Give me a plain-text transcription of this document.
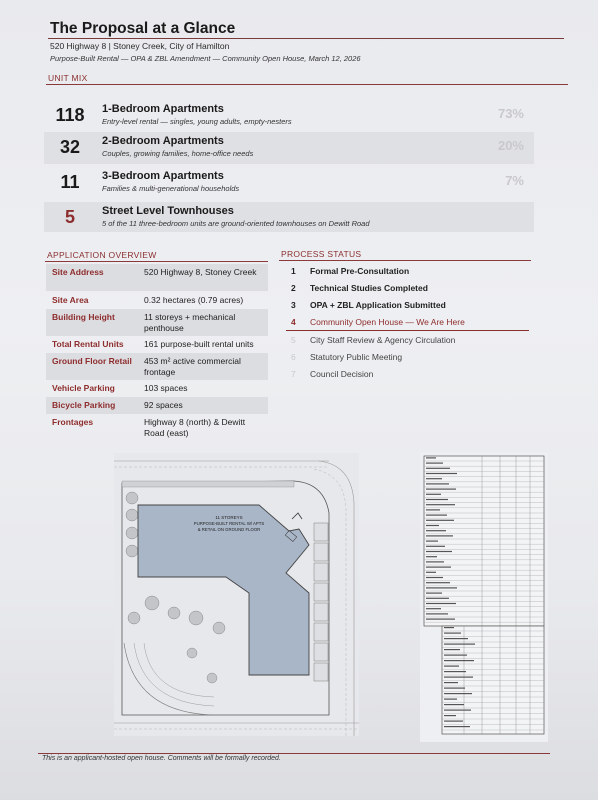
The Proposal at a Glance
520 Highway 8 | Stoney Creek, City of Hamilton
Purpose-Built Rental — OPA & ZBL Amendment — Community Open House, March 12, 2026
UNIT MIX
118	1-Bedroom Apartments
Entry-level rental — singles, young adults, empty-nesters
73%
32	2-Bedroom Apartments
Couples, growing families, home-office needs
20%
11	3-Bedroom Apartments
Families & multi-generational households
7%
5	Street Level Townhouses
5 of the 11 three-bedroom units are ground-oriented townhouses on Dewitt Road
APPLICATION OVERVIEW
Site Address	520 Highway 8, Stoney Creek
Site Area	0.32 hectares (0.79 acres)
Building Height	11 storeys + mechanical penthouse
Total Rental Units	161 purpose-built rental units
Ground Floor Retail 453 m² active commercial frontage
Vehicle Parking	103 spaces
Bicycle Parking	92 spaces
Frontages	Highway 8 (north) & Dewitt Road (east)
PROCESS STATUS
1 Formal Pre-Consultation
2 Technical Studies Completed
3 OPA + ZBL Application Submitted
4 Community Open House — We Are Here
5 City Staff Review & Agency Circulation
6 Statutory Public Meeting
7 Council Decision
11 STOREYS
PURPOSE-BUILT RENTAL W/ APTS
& RETAIL ON GROUND FLOOR
This is an applicant-hosted open house. Comments will be formally recorded.
